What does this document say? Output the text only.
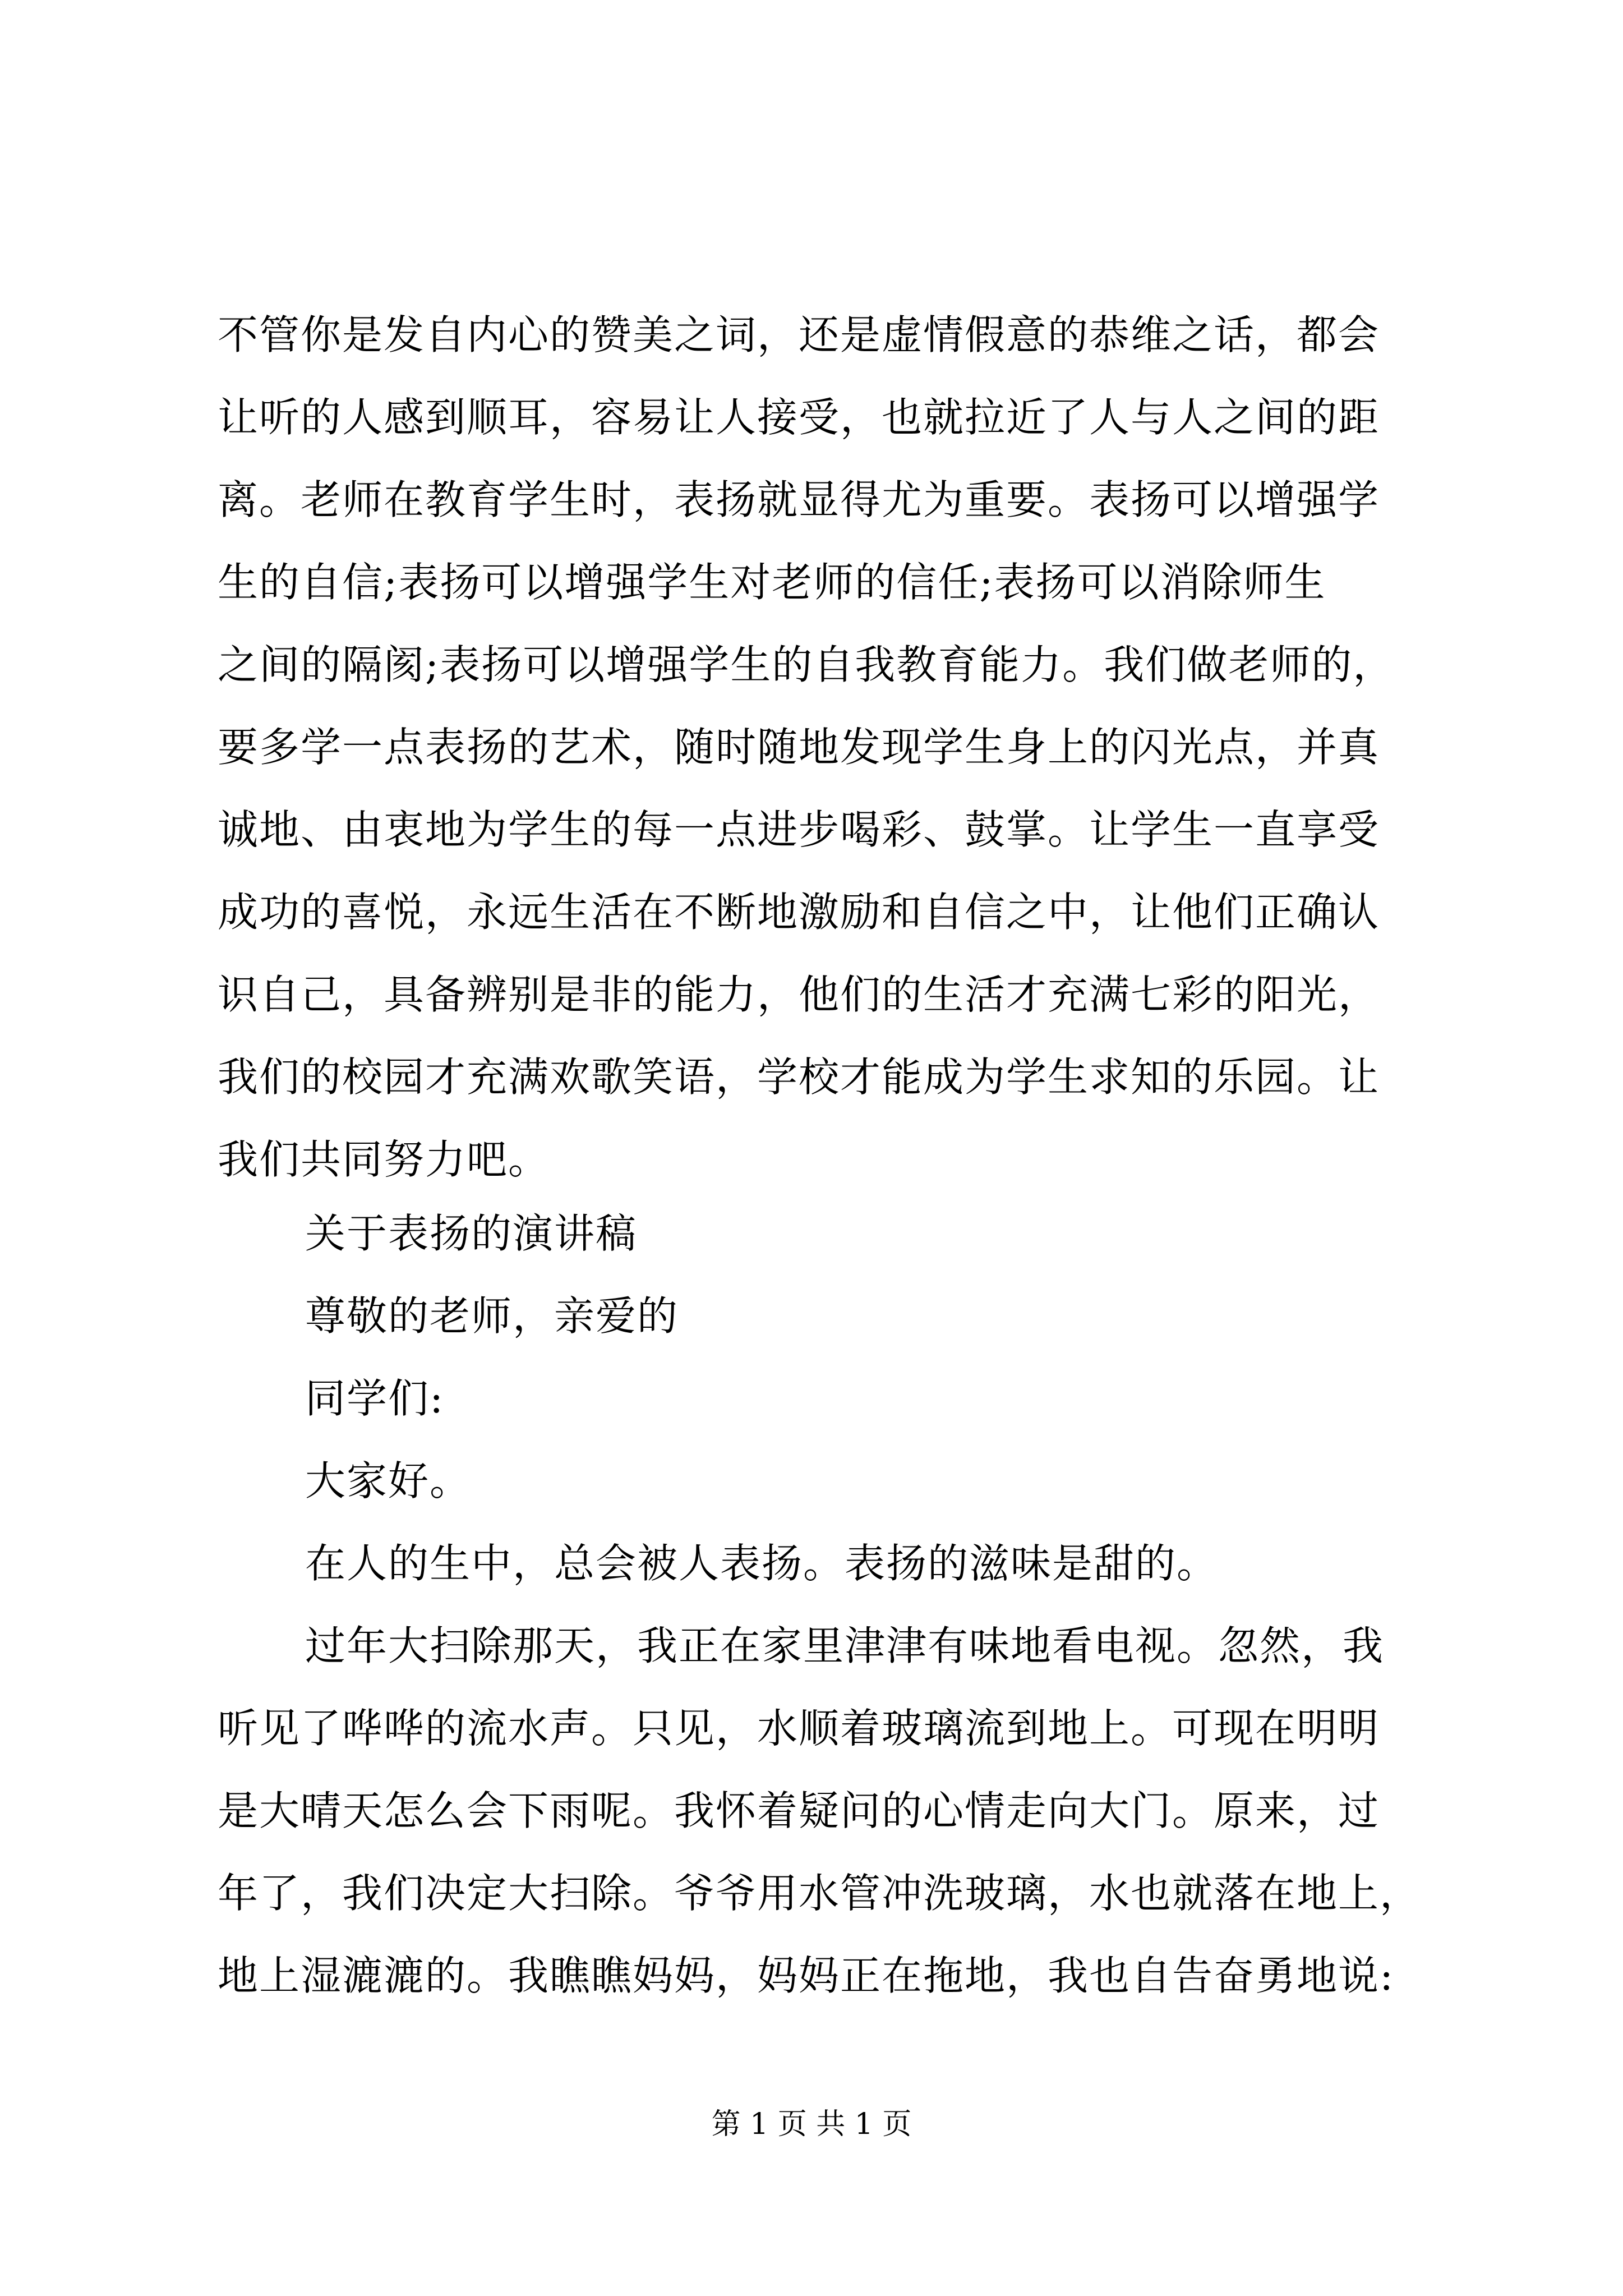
不管你是发自内心的赞美之词，还是虚情假意的恭维之话，都会
让听的人感到顺耳，容易让人接受，也就拉近了人与人之间的距
离。老师在教育学生时，表扬就显得尤为重要。表扬可以增强学
生的自信;表扬可以增强学生对老师的信任;表扬可以消除师生
之间的隔阂;表扬可以增强学生的自我教育能力。我们做老师的，
要多学一点表扬的艺术，随时随地发现学生身上的闪光点，并真
诚地、由衷地为学生的每一点进步喝彩、鼓掌。让学生一直享受
成功的喜悦，永远生活在不断地激励和自信之中，让他们正确认
识自己，具备辨别是非的能力，他们的生活才充满七彩的阳光，
我们的校园才充满欢歌笑语，学校才能成为学生求知的乐园。让
我们共同努力吧。
关于表扬的演讲稿
尊敬的老师，亲爱的
同学们:
大家好。
在人的生中，总会被人表扬。表扬的滋味是甜的。
过年大扫除那天，我正在家里津津有味地看电视。忽然，我
听见了哗哗的流水声。只见，水顺着玻璃流到地上。可现在明明
是大晴天怎么会下雨呢。我怀着疑问的心情走向大门。原来，过
年了，我们决定大扫除。爷爷用水管冲洗玻璃，水也就落在地上，
地上湿漉漉的。我瞧瞧妈妈，妈妈正在拖地，我也自告奋勇地说:
第 1 页 共 1 页
